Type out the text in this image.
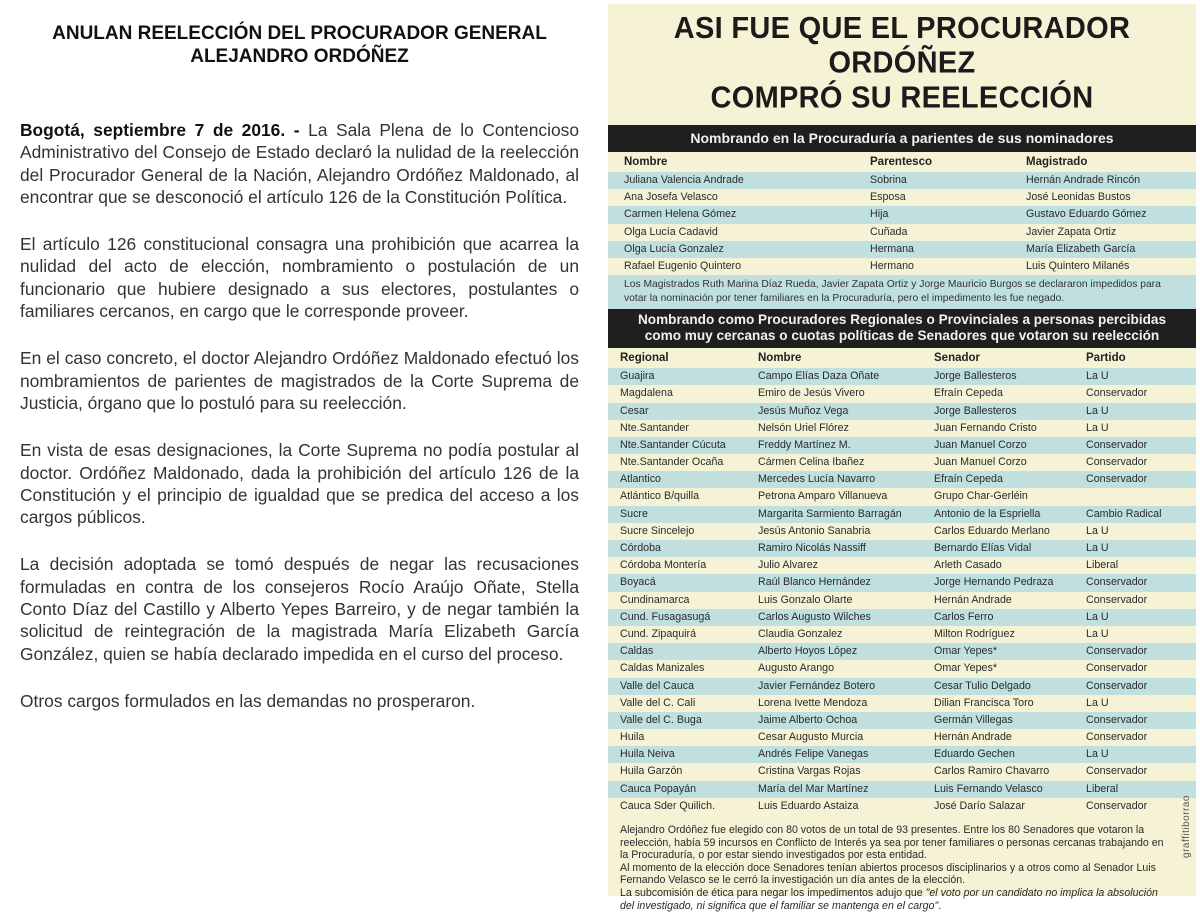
ANULAN REELECCIÓN DEL PROCURADOR GENERAL
ALEJANDRO ORDÓÑEZ

Bogotá, septiembre 7 de 2016. - La Sala Plena de lo Contencioso Administrativo del Consejo de Estado declaró la nulidad de la reelección del Procurador General de la Nación, Alejandro Ordóñez Maldonado, al encontrar que se desconoció el artículo 126 de la Constitución Política.

El artículo 126 constitucional consagra una prohibición que acarrea la nulidad del acto de elección, nombramiento o postulación de un funcionario que hubiere designado a sus electores, postulantes o familiares cercanos, en cargo que le corresponde proveer.

En el caso concreto, el doctor Alejandro Ordóñez Maldonado efectuó los nombramientos de parientes de magistrados de la Corte Suprema de Justicia, órgano que lo postuló para su reelección.

En vista de esas designaciones, la Corte Suprema no podía postular al doctor. Ordóñez Maldonado, dada la prohibición del artículo 126 de la Constitución y el principio de igualdad que se predica del acceso a los cargos públicos.

La decisión adoptada se tomó después de negar las recusaciones formuladas en contra de los consejeros Rocío Araújo Oñate, Stella Conto Díaz del Castillo y Alberto Yepes Barreiro, y de negar también la solicitud de reintegración de la magistrada María Elizabeth García González, quien se había declarado impedida en el curso del proceso.

Otros cargos formulados en las demandas no prosperaron.

ASI FUE QUE EL PROCURADOR ORDÓÑEZ
COMPRÓ SU REELECCIÓN
Nombrando en la Procuraduría a parientes de sus nominadores
Nombre	Parentesco	Magistrado
Juliana Valencia Andrade	Sobrina	Hernán Andrade Rincón
Ana Josefa Velasco	Esposa	José Leonidas Bustos
Carmen Helena Gómez	Hija	Gustavo Eduardo Gómez
Olga Lucía Cadavid	Cuñada	Javier Zapata Ortiz
Olga Lucía Gonzalez	Hermana	María Elizabeth García
Rafael Eugenio Quintero	Hermano	Luis Quintero Milanés
Los Magistrados Ruth Marina Díaz Rueda, Javier Zapata Ortiz y Jorge Mauricio Burgos se declararon impedidos para votar la nominación por tener familiares en la Procuraduría, pero el impedimento les fue negado.
Nombrando como Procuradores Regionales o Provinciales a personas percibidas
como muy cercanas o cuotas políticas de Senadores que votaron su reelección
Regional	Nombre	Senador	Partido
Guajira	Campo Elías Daza Oñate	Jorge Ballesteros	La U
Magdalena	Emiro de Jesús Vivero	Efraín Cepeda	Conservador
Cesar	Jesús Muñoz Vega	Jorge Ballesteros	La U
Nte.Santander	Nelsón Uriel Flórez	Juan Fernando Cristo	La U
Nte.Santander Cúcuta	Freddy Martínez M.	Juan Manuel Corzo	Conservador
Nte.Santander Ocaña	Cármen Celina Ibañez	Juan Manuel Corzo	Conservador
Atlantico	Mercedes Lucía Navarro	Efraín Cepeda	Conservador
Atlántico B/quilla	Petrona Amparo Villanueva	Grupo Char-Gerléin
Sucre	Margarita Sarmiento Barragán	Antonio de la Espriella	Cambio Radical
Sucre Sincelejo	Jesús Antonio Sanabria	Carlos Eduardo Merlano	La U
Córdoba	Ramiro Nicolás Nassiff	Bernardo Elías Vidal	La U
Córdoba Montería	Julio Alvarez	Arleth Casado	Liberal
Boyacá	Raúl Blanco Hernández	Jorge Hernando Pedraza	Conservador
Cundinamarca	Luis Gonzalo Olarte	Hernán Andrade	Conservador
Cund. Fusagasugá	Carlos Augusto Wilches	Carlos Ferro	La U
Cund. Zipaquirá	Claudia Gonzalez	Milton Rodríguez	La U
Caldas	Alberto Hoyos López	Omar Yepes*	Conservador
Caldas Manizales	Augusto Arango	Omar Yepes*	Conservador
Valle del Cauca	Javier Fernández Botero	Cesar Tulio Delgado	Conservador
Valle del C. Cali	Lorena Ivette Mendoza	Dilian Francisca Toro	La U
Valle del C. Buga	Jaime Alberto Ochoa	Germán Villegas	Conservador
Huila	Cesar Augusto Murcia	Hernán Andrade	Conservador
Huila Neiva	Andrés Felipe Vanegas	Eduardo Gechen	La U
Huila Garzón	Cristina Vargas Rojas	Carlos Ramiro Chavarro	Conservador
Cauca Popayán	María del Mar Martínez	Luis Fernando Velasco	Liberal
Cauca Sder Quilich.	Luis Eduardo Astaiza	José Darío Salazar	Conservador

Alejandro Ordóñez fue elegido con 80 votos de un total de 93 presentes. Entre los 80 Senadores que votaron la reelección, había 59 incursos en Conflicto de Interés ya sea por tener familiares o personas cercanas trabajando en la Procuraduría, o por estar siendo investigados por esta entidad.

Al momento de la elección doce Senadores tenían abiertos procesos disciplinarios y a otros como al Senador Luis Fernando Velasco se le cerró la investigación un día antes de la elección.

La subcomisión de ética para negar los impedimentos adujo que "el voto por un candidato no implica la absolución del investigado, ni significa que el familiar se mantenga en el cargo".

graffitiborrao
